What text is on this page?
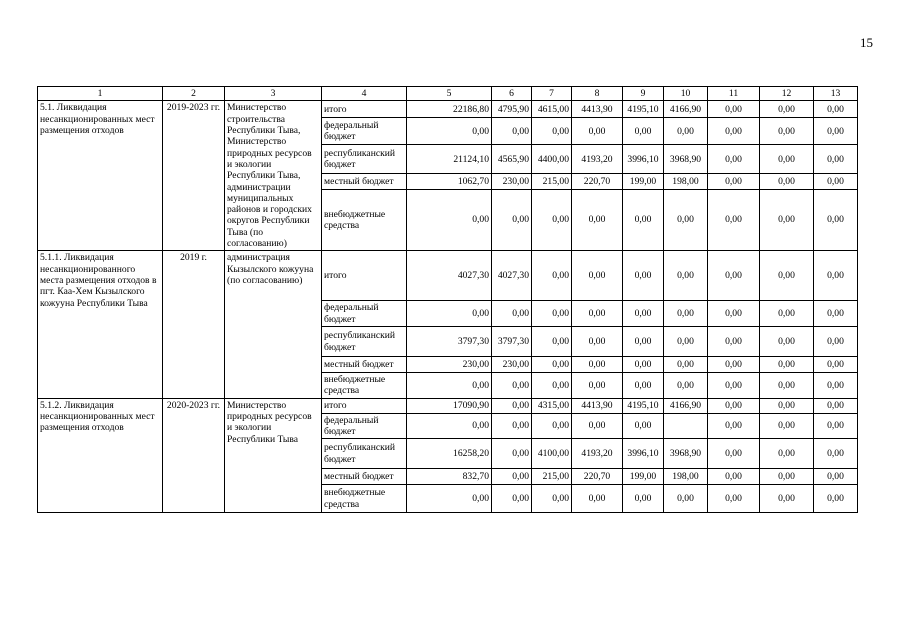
15
1	2	3	4	5	6	7	8	9	10	11	12	13
5.1. Ликвидация несанкционированных мест размещения отходов	2019-2023 гг.	Министерство строительства Республики Тыва, Министерство природных ресурсов и экологии Республики Тыва, администрации муниципальных районов и городских округов Республики Тыва (по согласованию)	итого	22186,80	4795,90	4615,00	4413,90	4195,10	4166,90	0,00	0,00	0,00
			федеральный бюджет	0,00	0,00	0,00	0,00	0,00	0,00	0,00	0,00	0,00
			республиканский бюджет	21124,10	4565,90	4400,00	4193,20	3996,10	3968,90	0,00	0,00	0,00
			местный бюджет	1062,70	230,00	215,00	220,70	199,00	198,00	0,00	0,00	0,00
			внебюджетные средства	0,00	0,00	0,00	0,00	0,00	0,00	0,00	0,00	0,00
5.1.1. Ликвидация несанкционированного места размещения отходов в пгт. Каа-Хем Кызылского кожууна Республики Тыва	2019 г.	администрация Кызылского кожууна (по согласованию)	итого	4027,30	4027,30	0,00	0,00	0,00	0,00	0,00	0,00	0,00
			федеральный бюджет	0,00	0,00	0,00	0,00	0,00	0,00	0,00	0,00	0,00
			республиканский бюджет	3797,30	3797,30	0,00	0,00	0,00	0,00	0,00	0,00	0,00
			местный бюджет	230,00	230,00	0,00	0,00	0,00	0,00	0,00	0,00	0,00
			внебюджетные средства	0,00	0,00	0,00	0,00	0,00	0,00	0,00	0,00	0,00
5.1.2. Ликвидация несанкционированных мест размещения отходов	2020-2023 гг.	Министерство природных ресурсов и экологии Республики Тыва	итого	17090,90	0,00	4315,00	4413,90	4195,10	4166,90	0,00	0,00	0,00
			федеральный бюджет	0,00	0,00	0,00	0,00	0,00		0,00	0,00	0,00
			республиканский бюджет	16258,20	0,00	4100,00	4193,20	3996,10	3968,90	0,00	0,00	0,00
			местный бюджет	832,70	0,00	215,00	220,70	199,00	198,00	0,00	0,00	0,00
			внебюджетные средства	0,00	0,00	0,00	0,00	0,00	0,00	0,00	0,00	0,00
